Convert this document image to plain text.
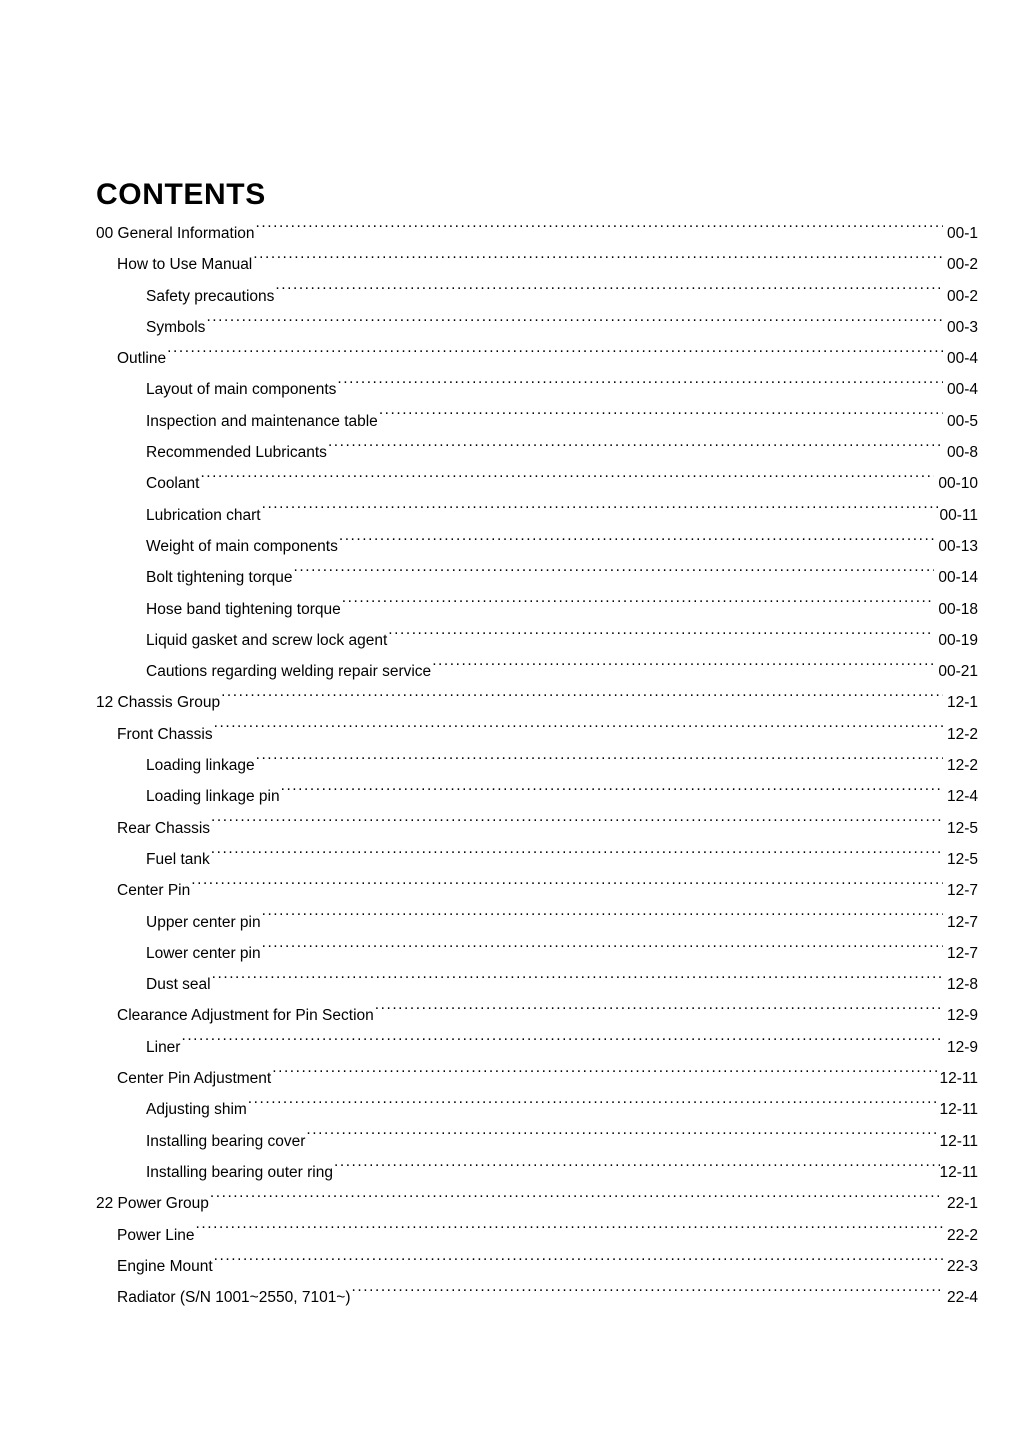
CONTENTS
00 General Information .....	00-1
How to Use Manual .....	00-2
Safety precautions .....	00-2
Symbols .....	00-3
Outline .....	00-4
Layout of main components .....	00-4
Inspection and maintenance table .....	00-5
Recommended Lubricants .....	00-8
Coolant .....	00-10
Lubrication chart .....	00-11
Weight of main components .....	00-13
Bolt tightening torque .....	00-14
Hose band tightening torque .....	00-18
Liquid gasket and screw lock agent .....	00-19
Cautions regarding welding repair service .....	00-21
12 Chassis Group .....	12-1
Front Chassis .....	12-2
Loading linkage .....	12-2
Loading linkage pin .....	12-4
Rear Chassis .....	12-5
Fuel tank .....	12-5
Center Pin .....	12-7
Upper center pin .....	12-7
Lower center pin .....	12-7
Dust seal .....	12-8
Clearance Adjustment for Pin Section .....	12-9
Liner .....	12-9
Center Pin Adjustment .....	12-11
Adjusting shim .....	12-11
Installing bearing cover .....	12-11
Installing bearing outer ring .....	12-11
22 Power Group .....	22-1
Power Line .....	22-2
Engine Mount .....	22-3
Radiator (S/N 1001~2550, 7101~) .....	22-4
